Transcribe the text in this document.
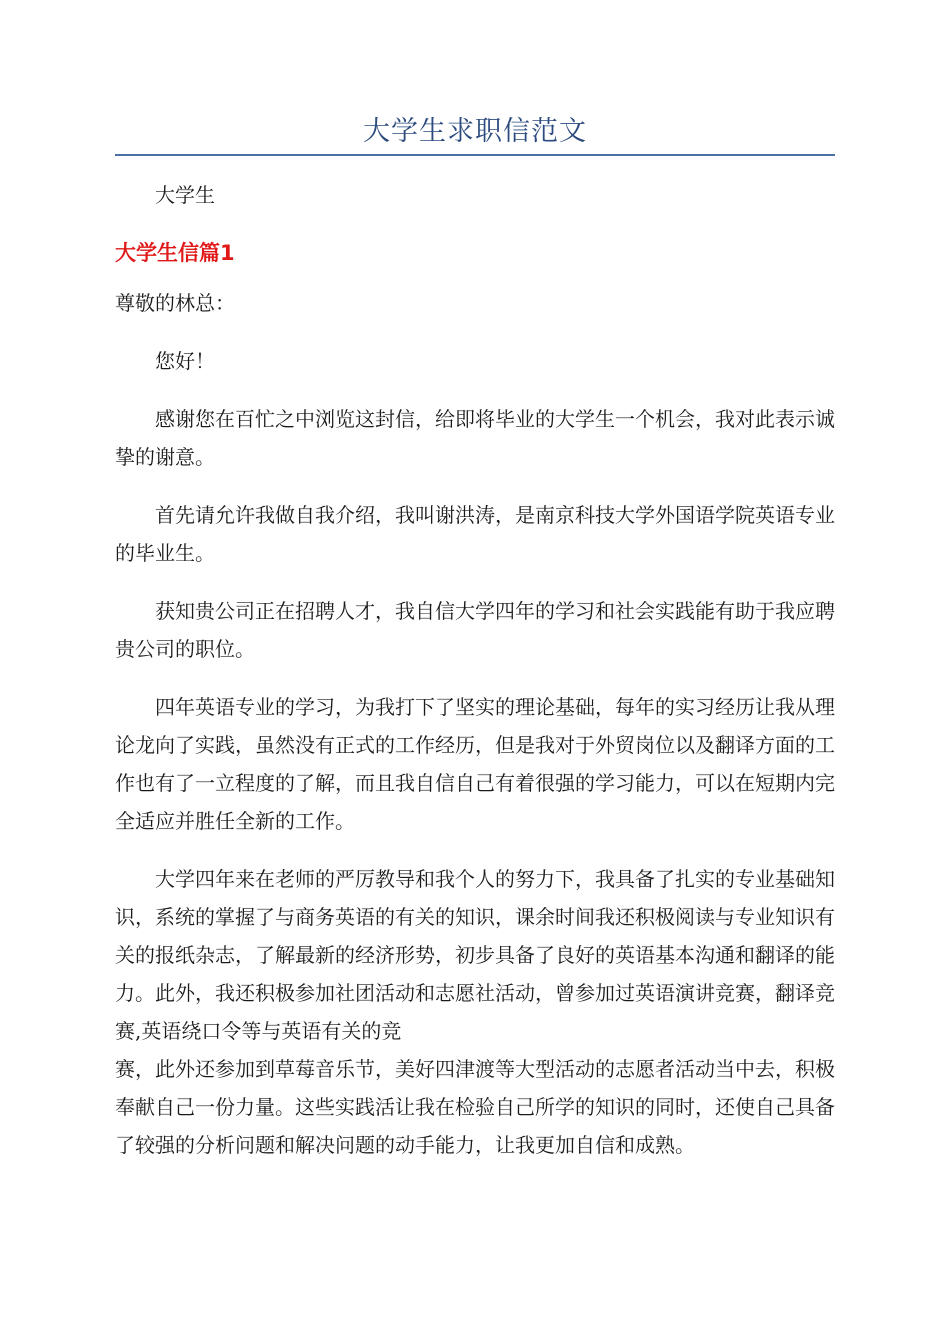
大学生求职信范文

大学生

大学生信篇1

尊敬的林总：

您好！

感谢您在百忙之中浏览这封信，给即将毕业的大学生一个机会，我对此表示诚挚的谢意。

首先请允许我做自我介绍，我叫谢洪涛，是南京科技大学外国语学院英语专业的毕业生。

获知贵公司正在招聘人才，我自信大学四年的学习和社会实践能有助于我应聘贵公司的职位。

四年英语专业的学习，为我打下了坚实的理论基础，每年的实习经历让我从理论龙向了实践，虽然没有正式的工作经历，但是我对于外贸岗位以及翻译方面的工作也有了一立程度的了解，而且我自信自己有着很强的学习能力，可以在短期内完全适应并胜任全新的工作。

大学四年来在老师的严厉教导和我个人的努力下，我具备了扎实的专业基础知识，系统的掌握了与商务英语的有关的知识，课余时间我还积极阅读与专业知识有关的报纸杂志，了解最新的经济形势，初步具备了良好的英语基本沟通和翻译的能力。此外，我还积极参加社团活动和志愿社活动，曾参加过英语演讲竞赛，翻译竞赛,英语绕口令等与英语有关的竞
赛，此外还参加到草莓音乐节，美好四津渡等大型活动的志愿者活动当中去，积极奉献自己一份力量。这些实践活让我在检验自己所学的知识的同时，还使自己具备了较强的分析问题和解决问题的动手能力，让我更加自信和成熟。
